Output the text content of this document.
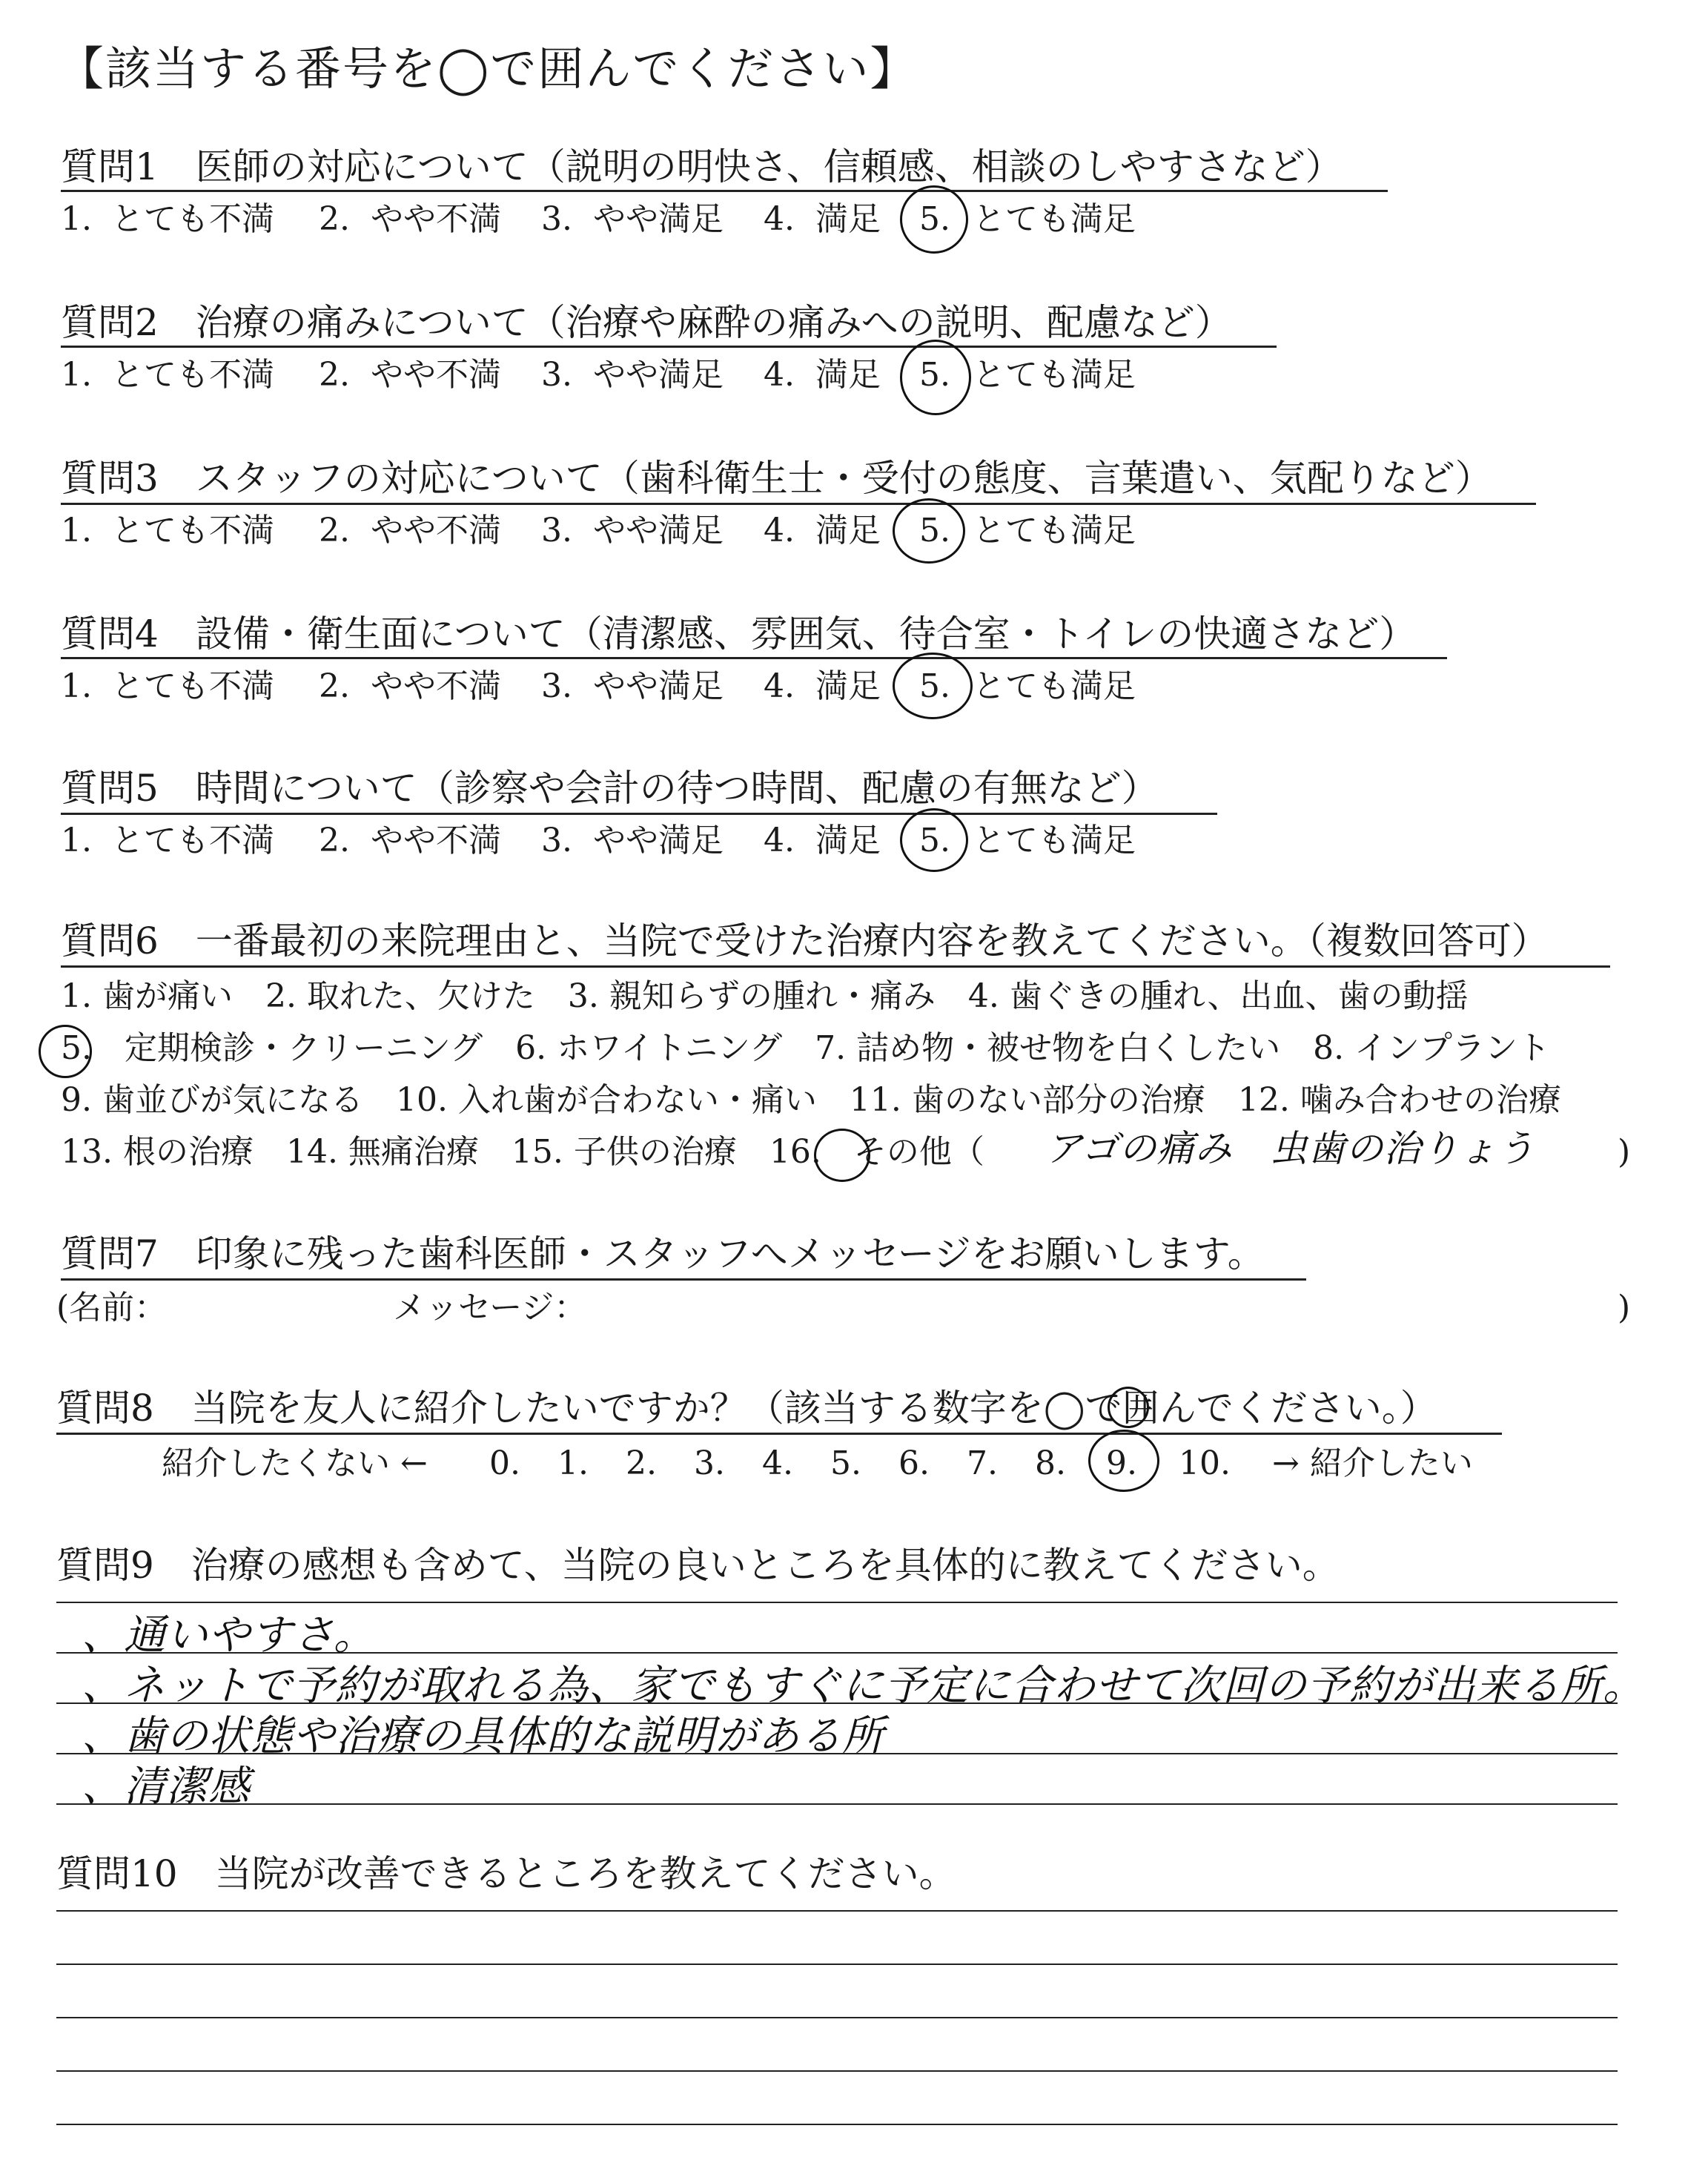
【該当する番号を◯で囲んでください】
質問1　医師の対応について（説明の明快さ、信頼感、相談のしやすさなど）
1. とても不満 2. やや不満 3. やや満足 4. 満足 5. とても満足
質問2　治療の痛みについて（治療や麻酔の痛みへの説明、配慮など）
1. とても不満 2. やや不満 3. やや満足 4. 満足 5. とても満足
質問3　スタッフの対応について（歯科衛生士・受付の態度、言葉遣い、気配りなど）
1. とても不満 2. やや不満 3. やや満足 4. 満足 5. とても満足
質問4　設備・衛生面について（清潔感、雰囲気、待合室・トイレの快適さなど）
1. とても不満 2. やや不満 3. やや満足 4. 満足 5. とても満足
質問5　時間について（診察や会計の待つ時間、配慮の有無など）
1. とても不満 2. やや不満 3. やや満足 4. 満足 5. とても満足
質問6　一番最初の来院理由と、当院で受けた治療内容を教えてください。（複数回答可）
1. 歯が痛い　2. 取れた、欠けた　3. 親知らずの腫れ・痛み　4. 歯ぐきの腫れ、出血、歯の動揺
5.　定期検診・クリーニング　6. ホワイトニング　7. 詰め物・被せ物を白くしたい　8. インプラント
9. 歯並びが気になる　10. 入れ歯が合わない・痛い　11. 歯のない部分の治療　12. 噛み合わせの治療
13. 根の治療　14. 無痛治療　15. 子供の治療　16.　その他（	)
アゴの痛み　虫歯の治りょう
質問7　印象に残った歯科医師・スタッフへメッセージをお願いします。
(名前：	メッセージ：	)
質問8　当院を友人に紹介したいですか？（該当する数字を◯で囲んでください。）
紹介したくない ← 0. 1. 2. 3. 4. 5. 6. 7. 8. 9. 10. → 紹介したい
質問9　治療の感想も含めて、当院の良いところを具体的に教えてください。
、通いやすさ。
、ネットで予約が取れる為、家でもすぐに予定に合わせて次回の予約が出来る所。
、歯の状態や治療の具体的な説明がある所
、清潔感
質問10　当院が改善できるところを教えてください。
